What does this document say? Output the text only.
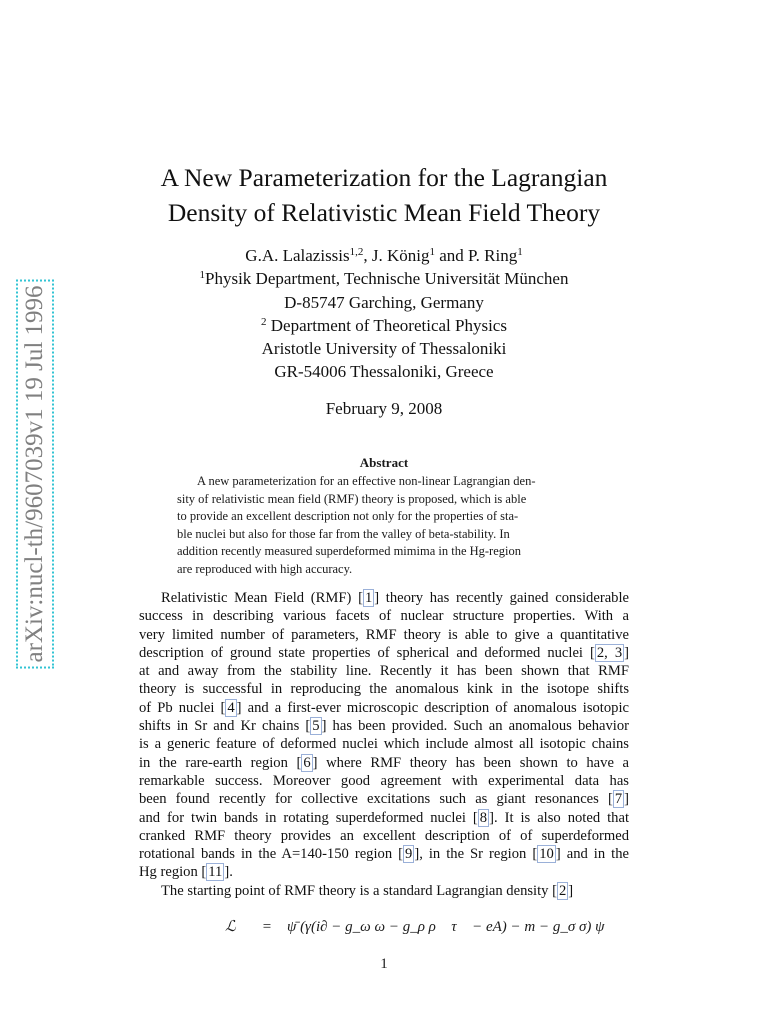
arXiv:nucl-th/9607039v1 19 Jul 1996
A New Parameterization for the Lagrangian
Density of Relativistic Mean Field Theory
G.A. Lalazissis$^{1,2}$, J. König$^1$ and P. Ring$^1$
$^1$Physik Department, Technische Universität München
D-85747 Garching, Germany
$^2$ Department of Theoretical Physics
Aristotle University of Thessaloniki
GR-54006 Thessaloniki, Greece
February 9, 2008
Abstract
A new parameterization for an effective non-linear Lagrangian den-
sity of relativistic mean field (RMF) theory is proposed, which is able
to provide an excellent description not only for the properties of sta-
ble nuclei but also for those far from the valley of beta-stability. In
addition recently measured superdeformed mimima in the Hg-region
are reproduced with high accuracy.
Relativistic Mean Field (RMF) [ 1 ] theory has recently gained considerable
success in describing various facets of nuclear structure properties. With a
very limited number of parameters, RMF theory is able to give a quantitative
description of ground state properties of spherical and deformed nuclei [ 2, 3 ]
at and away from the stability line. Recently it has been shown that RMF
theory is successful in reproducing the anomalous kink in the isotope shifts
of Pb nuclei [ 4 ] and a first-ever microscopic description of anomalous isotopic
shifts in Sr and Kr chains [ 5 ] has been provided. Such an anomalous behavior
is a generic feature of deformed nuclei which include almost all isotopic chains
in the rare-earth region [ 6 ] where RMF theory has been shown to have a
remarkable success. Moreover good agreement with experimental data has
been found recently for collective excitations such as giant resonances [ 7 ]
and for twin bands in rotating superdeformed nuclei [ 8 ]. It is also noted that
cranked RMF theory provides an excellent description of of superdeformed
rotational bands in the A=140-150 region [ 9 ], in the Sr region [ 10 ] and in the
Hg region [ 11 ].
The starting point of RMF theory is a standard Lagrangian density [ 2 ]
ℒ = ψ̄ (γ(i∂ − g_ω ω − g_ρ ρ⃗ τ⃗ − eA) − m − g_σ σ) ψ
1
